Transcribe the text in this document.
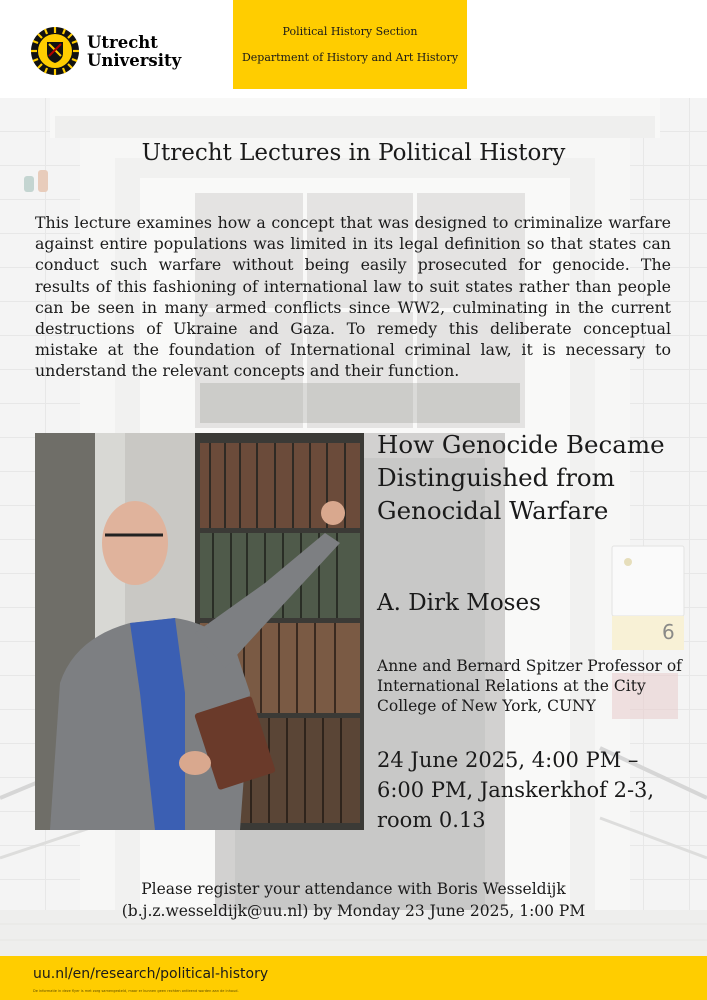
Utrecht
University
Political History Section
Department of History and Art History
6
Utrecht Lectures in Political History
This lecture examines how a concept that was designed to criminalize warfare against entire populations was limited in its legal definition so that states can conduct such warfare without being easily prosecuted for genocide. The results of this fashioning of international law to suit states rather than people can be seen in many armed conflicts since WW2, culminating in the current destructions of Ukraine and Gaza. To remedy this deliberate conceptual mistake at the foundation of International criminal law, it is necessary to understand the relevant concepts and their function.
How Genocide Became Distinguished from Genocidal Warfare
A. Dirk Moses
Anne and Bernard Spitzer Professor of International Relations at the City College of New York, CUNY
24 June 2025, 4:00 PM – 6:00 PM, Janskerkhof 2-3, room 0.13
Please register your attendance with Boris Wesseldijk
(b.j.z.wesseldijk@uu.nl) by Monday 23 June 2025, 1:00 PM
uu.nl/en/research/political-history
De informatie in deze flyer is met zorg samengesteld, maar er kunnen geen rechten ontleend worden aan de inhoud.
